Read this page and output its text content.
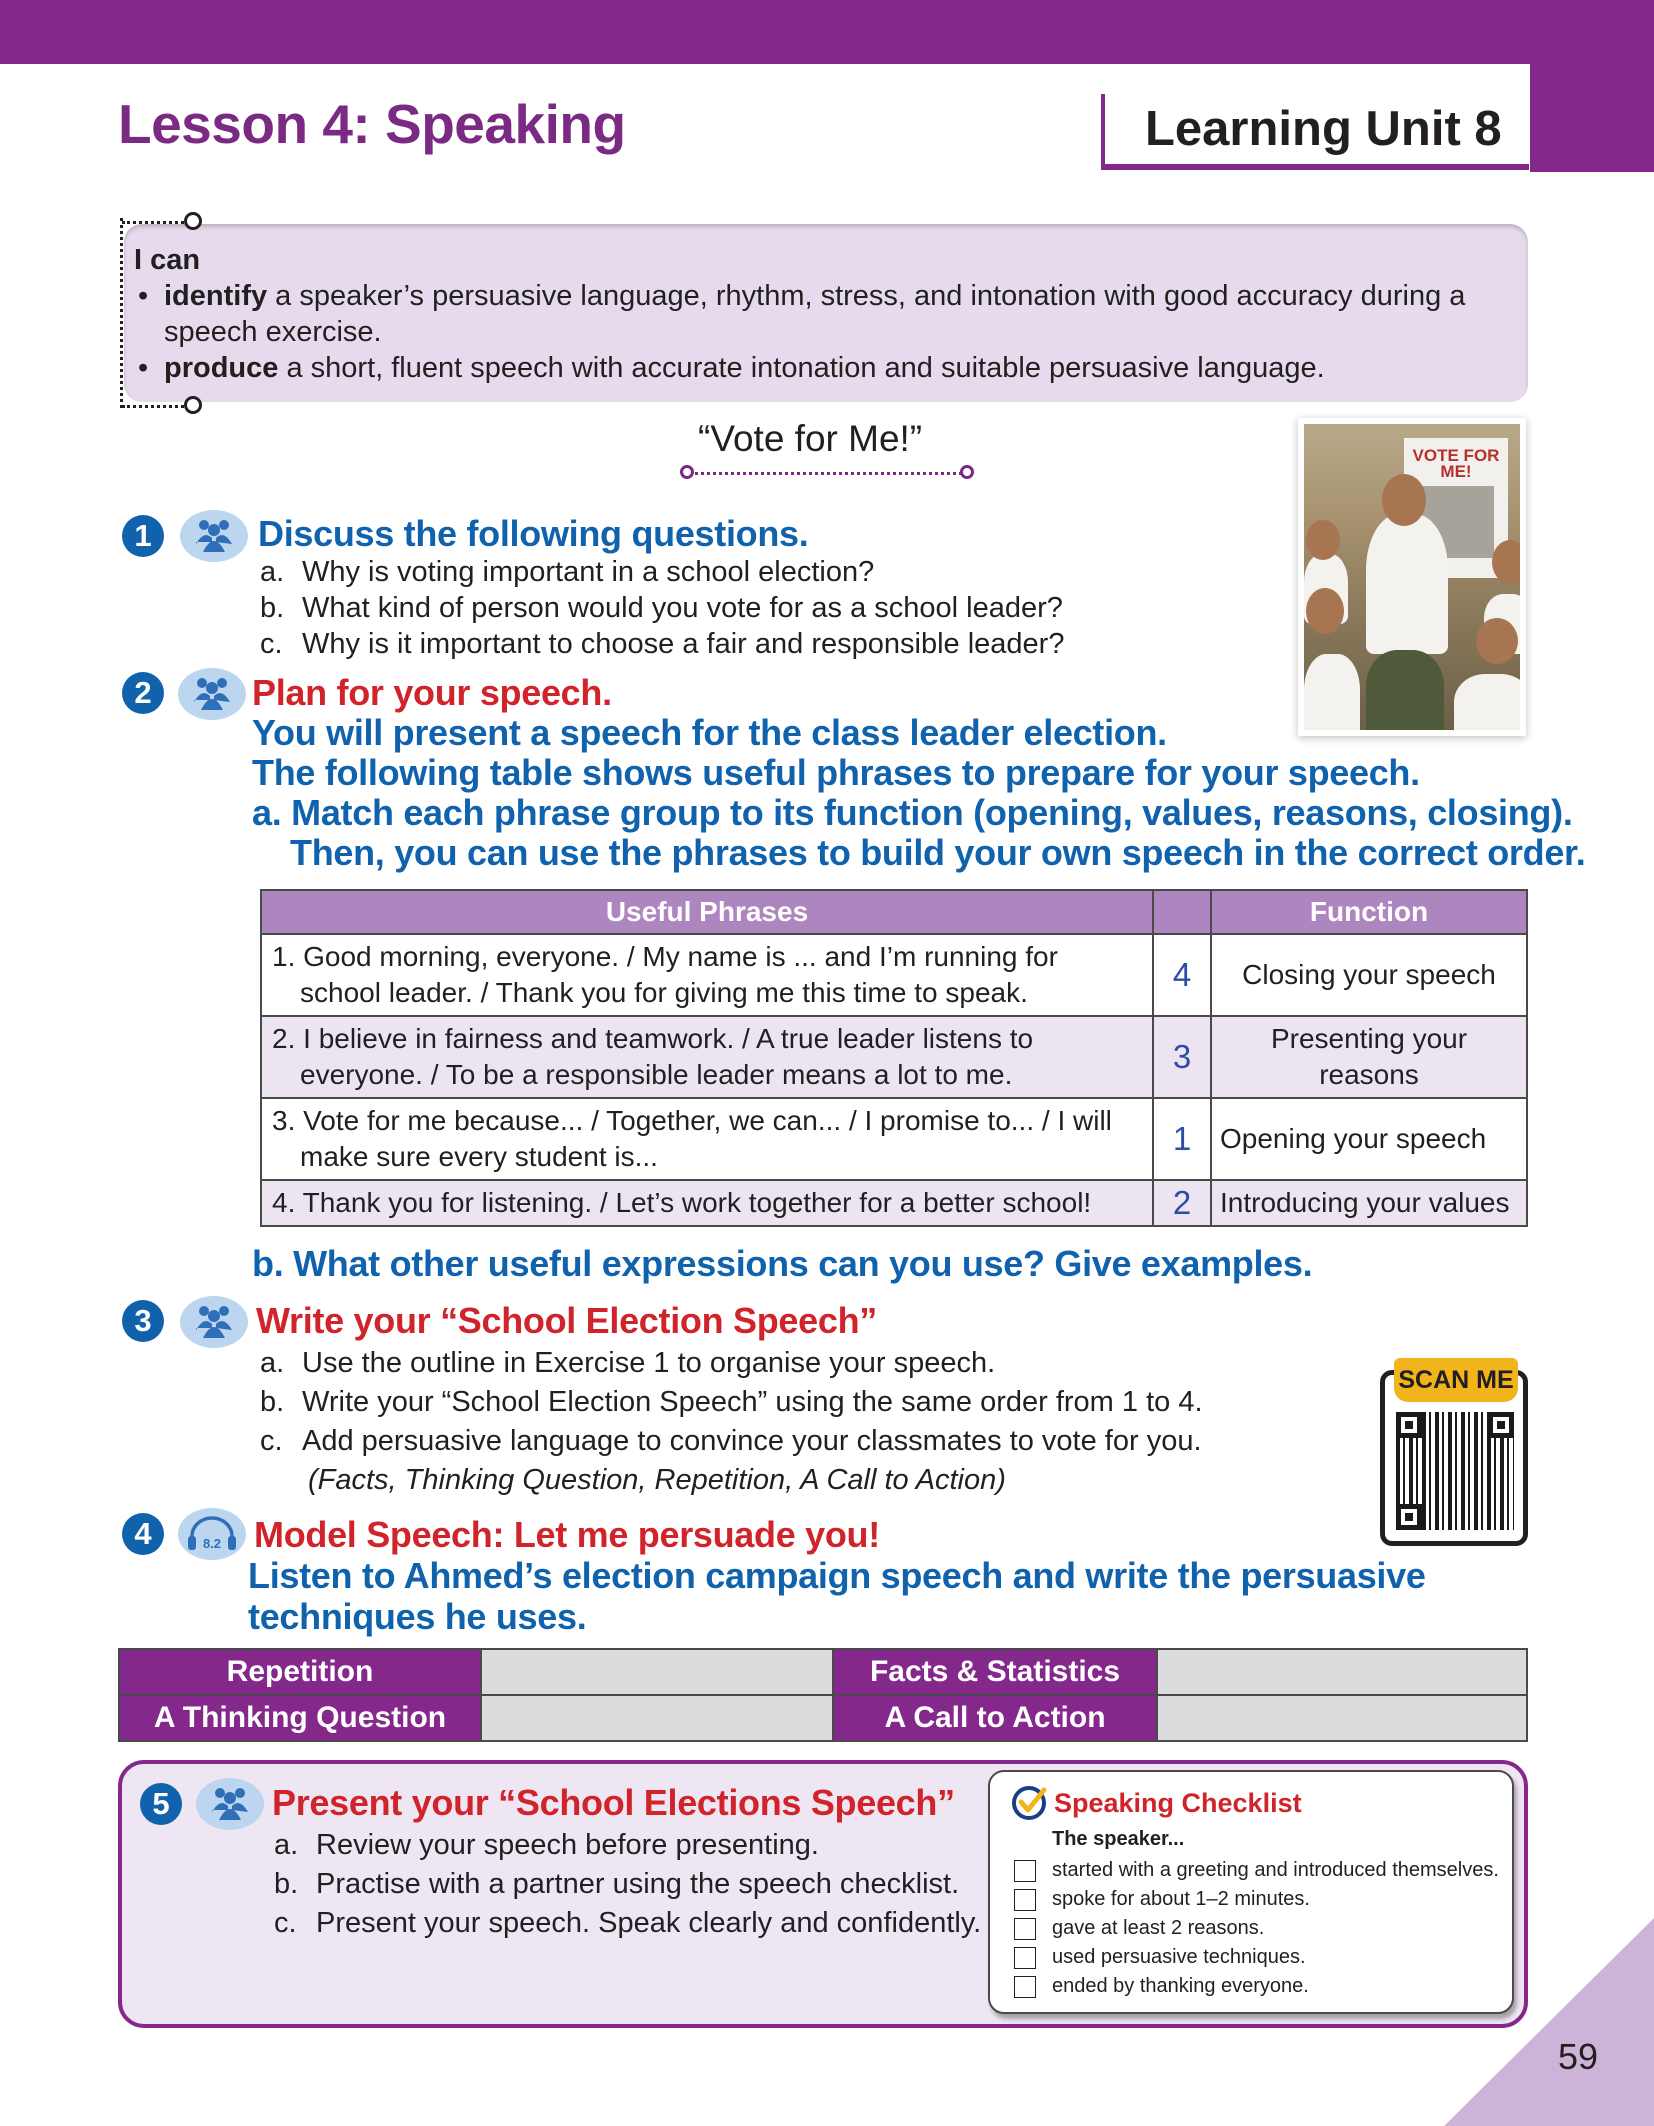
Lesson 4: Speaking	Learning Unit 8
I can
• identify a speaker’s persuasive language, rhythm, stress, and intonation with good accuracy during a speech exercise.
• produce a short, fluent speech with accurate intonation and suitable persuasive language.
“Vote for Me!”	VOTE FOR ME!
1	Discuss the following questions.
a. Why is voting important in a school election?
b. What kind of person would you vote for as a school leader?
c. Why is it important to choose a fair and responsible leader?
2	Plan for your speech.
You will present a speech for the class leader election.
The following table shows useful phrases to prepare for your speech.
a. Match each phrase group to its function (opening, values, reasons, closing).
Then, you can use the phrases to build your own speech in the correct order.
Useful Phrases		Function
1. Good morning, everyone. / My name is ... and I’m running for school leader. / Thank you for giving me this time to speak.	4	Closing your speech
2. I believe in fairness and teamwork. / A true leader listens to everyone. / To be a responsible leader means a lot to me.	3	Presenting your reasons
3. Vote for me because... / Together, we can... / I promise to... / I will make sure every student is...	1	Opening your speech
4. Thank you for listening. / Let’s work together for a better school!	2	Introducing your values
b. What other useful expressions can you use? Give examples.
3	Write your “School Election Speech”
a. Use the outline in Exercise 1 to organise your speech.
b. Write your “School Election Speech” using the same order from 1 to 4.
c. Add persuasive language to convince your classmates to vote for you.
(Facts, Thinking Question, Repetition, A Call to Action)
SCAN ME
4	8.2 Model Speech: Let me persuade you!
Listen to Ahmed’s election campaign speech and write the persuasive
techniques he uses.
Repetition		Facts & Statistics	
A Thinking Question		A Call to Action	
5	Present your “School Elections Speech”
a. Review your speech before presenting.
b. Practise with a partner using the speech checklist.
c. Present your speech. Speak clearly and confidently.
Speaking Checklist
The speaker...
started with a greeting and introduced themselves.
spoke for about 1–2 minutes.
gave at least 2 reasons.
used persuasive techniques.
ended by thanking everyone.
59
